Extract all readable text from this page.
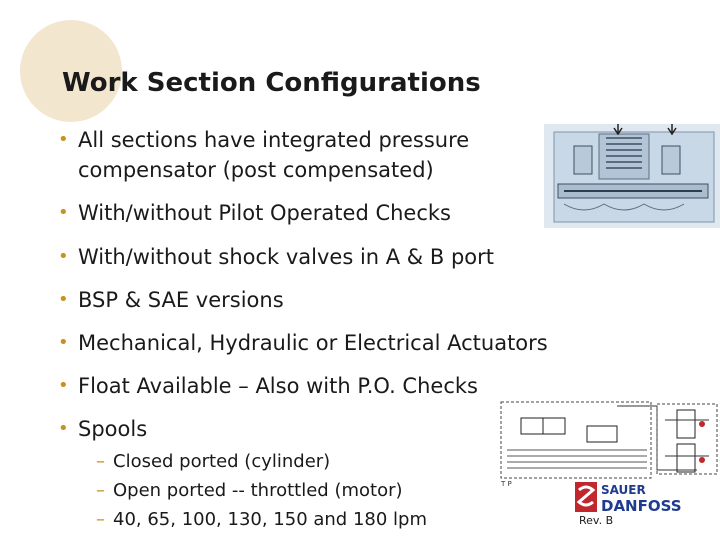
Work Section Configurations
• All sections have integrated pressure
compensator (post compensated)
• With/without Pilot Operated Checks
• With/without shock valves in A & B port
• BSP & SAE versions
• Mechanical, Hydraulic or Electrical Actuators
• Float Available – Also with P.O. Checks
• Spools
– Closed ported (cylinder)
– Open ported -- throttled (motor)
– 40, 65, 100, 130, 150 and 180 lpm
T P	SAUER
DANFOSS
Rev. B
